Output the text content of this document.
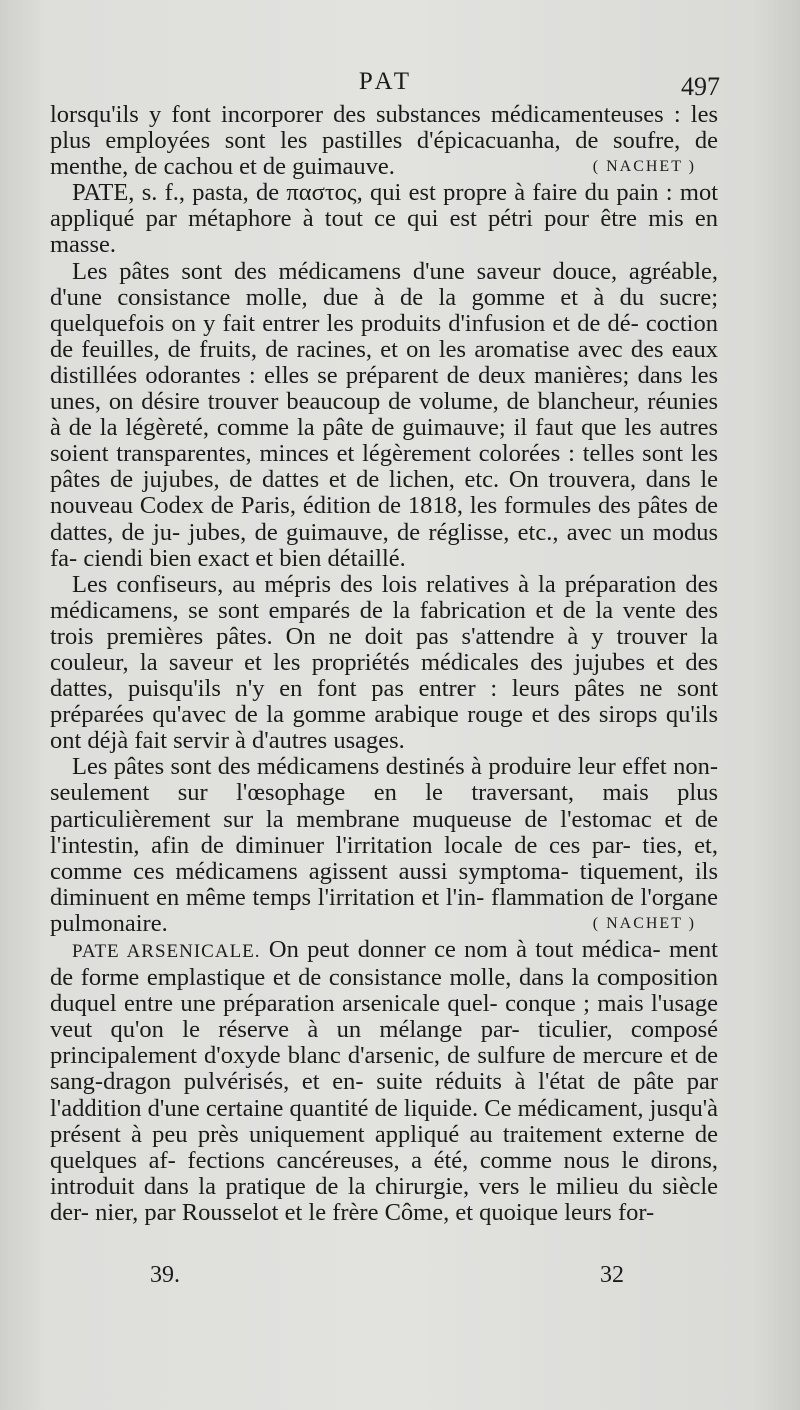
PAT	497

lorsqu'ils y font incorporer des substances médicamenteuses : les plus employées sont les pastilles d'épicacuanha, de soufre, de menthe, de cachou et de guimauve.	( NACHET )

PATE, s. f., pasta, de παστος, qui est propre à faire du pain : mot appliqué par métaphore à tout ce qui est pétri pour être mis en masse.

Les pâtes sont des médicamens d'une saveur douce, agréable, d'une consistance molle, due à de la gomme et à du sucre; quelquefois on y fait entrer les produits d'infusion et de dé- coction de feuilles, de fruits, de racines, et on les aromatise avec des eaux distillées odorantes : elles se préparent de deux manières; dans les unes, on désire trouver beaucoup de volume, de blancheur, réunies à de la légèreté, comme la pâte de guimauve; il faut que les autres soient transparentes, minces et légèrement colorées : telles sont les pâtes de jujubes, de dattes et de lichen, etc. On trouvera, dans le nouveau Codex de Paris, édition de 1818, les formules des pâtes de dattes, de ju- jubes, de guimauve, de réglisse, etc., avec un modus fa- ciendi bien exact et bien détaillé.

Les confiseurs, au mépris des lois relatives à la préparation des médicamens, se sont emparés de la fabrication et de la vente des trois premières pâtes. On ne doit pas s'attendre à y trouver la couleur, la saveur et les propriétés médicales des jujubes et des dattes, puisqu'ils n'y en font pas entrer : leurs pâtes ne sont préparées qu'avec de la gomme arabique rouge et des sirops qu'ils ont déjà fait servir à d'autres usages.

Les pâtes sont des médicamens destinés à produire leur effet non-seulement sur l'œsophage en le traversant, mais plus particulièrement sur la membrane muqueuse de l'estomac et de l'intestin, afin de diminuer l'irritation locale de ces par- ties, et, comme ces médicamens agissent aussi symptoma- tiquement, ils diminuent en même temps l'irritation et l'in- flammation de l'organe pulmonaire.	( NACHET )

PATE ARSENICALE. On peut donner ce nom à tout médica- ment de forme emplastique et de consistance molle, dans la composition duquel entre une préparation arsenicale quel- conque ; mais l'usage veut qu'on le réserve à un mélange par- ticulier, composé principalement d'oxyde blanc d'arsenic, de sulfure de mercure et de sang-dragon pulvérisés, et en- suite réduits à l'état de pâte par l'addition d'une certaine quantité de liquide. Ce médicament, jusqu'à présent à peu près uniquement appliqué au traitement externe de quelques af- fections cancéreuses, a été, comme nous le dirons, introduit dans la pratique de la chirurgie, vers le milieu du siècle der- nier, par Rousselot et le frère Côme, et quoique leurs for-

39.	32
